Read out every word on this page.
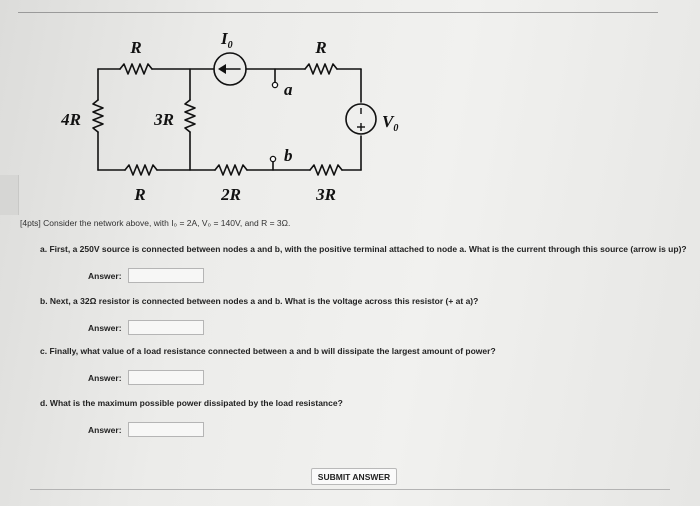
R	$I_0$	R
a
4R	3R	$V_0$
b
R	2R	3R
[4pts] Consider the network above, with I₀ = 2A, V₀ = 140V, and R = 3Ω.
a. First, a 250V source is connected between nodes a and b, with the positive terminal attached to node a. What is the current through this source (arrow is up)?
Answer:
b. Next, a 32Ω resistor is connected between nodes a and b. What is the voltage across this resistor (+ at a)?
Answer:
c. Finally, what value of a load resistance connected between a and b will dissipate the largest amount of power?
Answer:
d. What is the maximum possible power dissipated by the load resistance?
Answer:
SUBMIT ANSWER
